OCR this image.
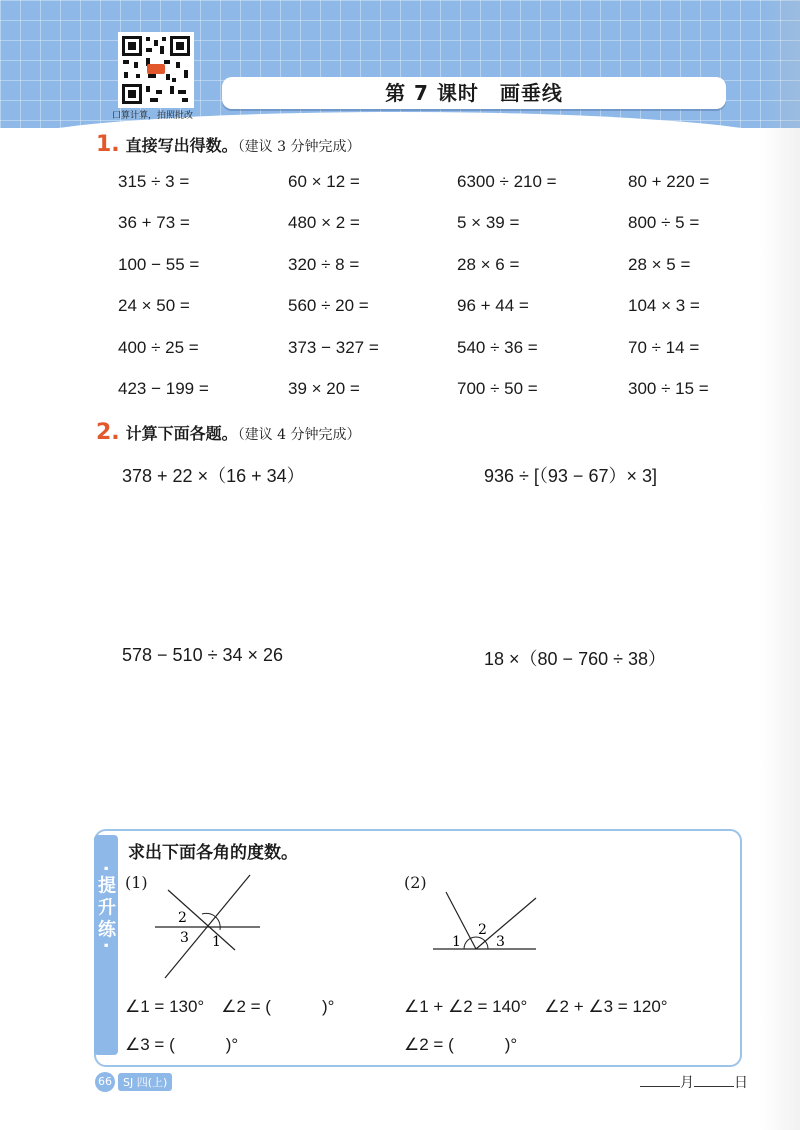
口算计算，拍照批改
第 7 课时　画垂线
1. 直接写出得数。（建议 3 分钟完成）
315 ÷ 3 =	60 × 12 =	6300 ÷ 210 =	80 + 220 =
36 + 73 =	480 × 2 =	5 × 39 =	800 ÷ 5 =
100 − 55 =	320 ÷ 8 =	28 × 6 =	28 × 5 =
24 × 50 =	560 ÷ 20 =	96 + 44 =	104 × 3 =
400 ÷ 25 =	373 − 327 =	540 ÷ 36 =	70 ÷ 14 =
423 − 199 =	39 × 20 =	700 ÷ 50 =	300 ÷ 15 =
2. 计算下面各题。（建议 4 分钟完成）
378 + 22 ×（16 + 34）	936 ÷ [（93 − 67）× 3]
578 − 510 ÷ 34 × 26	18 ×（80 − 760 ÷ 38）
·提升练·
求出下面各角的度数。
(1)
2
3 1
(2)
1
2
3
∠1 = 130°　∠2 = (　　　)°
∠3 = (　　　)°
∠1 + ∠2 = 140°　∠2 + ∠3 = 120°
∠2 = (　　　)°
66	SJ 四(上)	月	日
